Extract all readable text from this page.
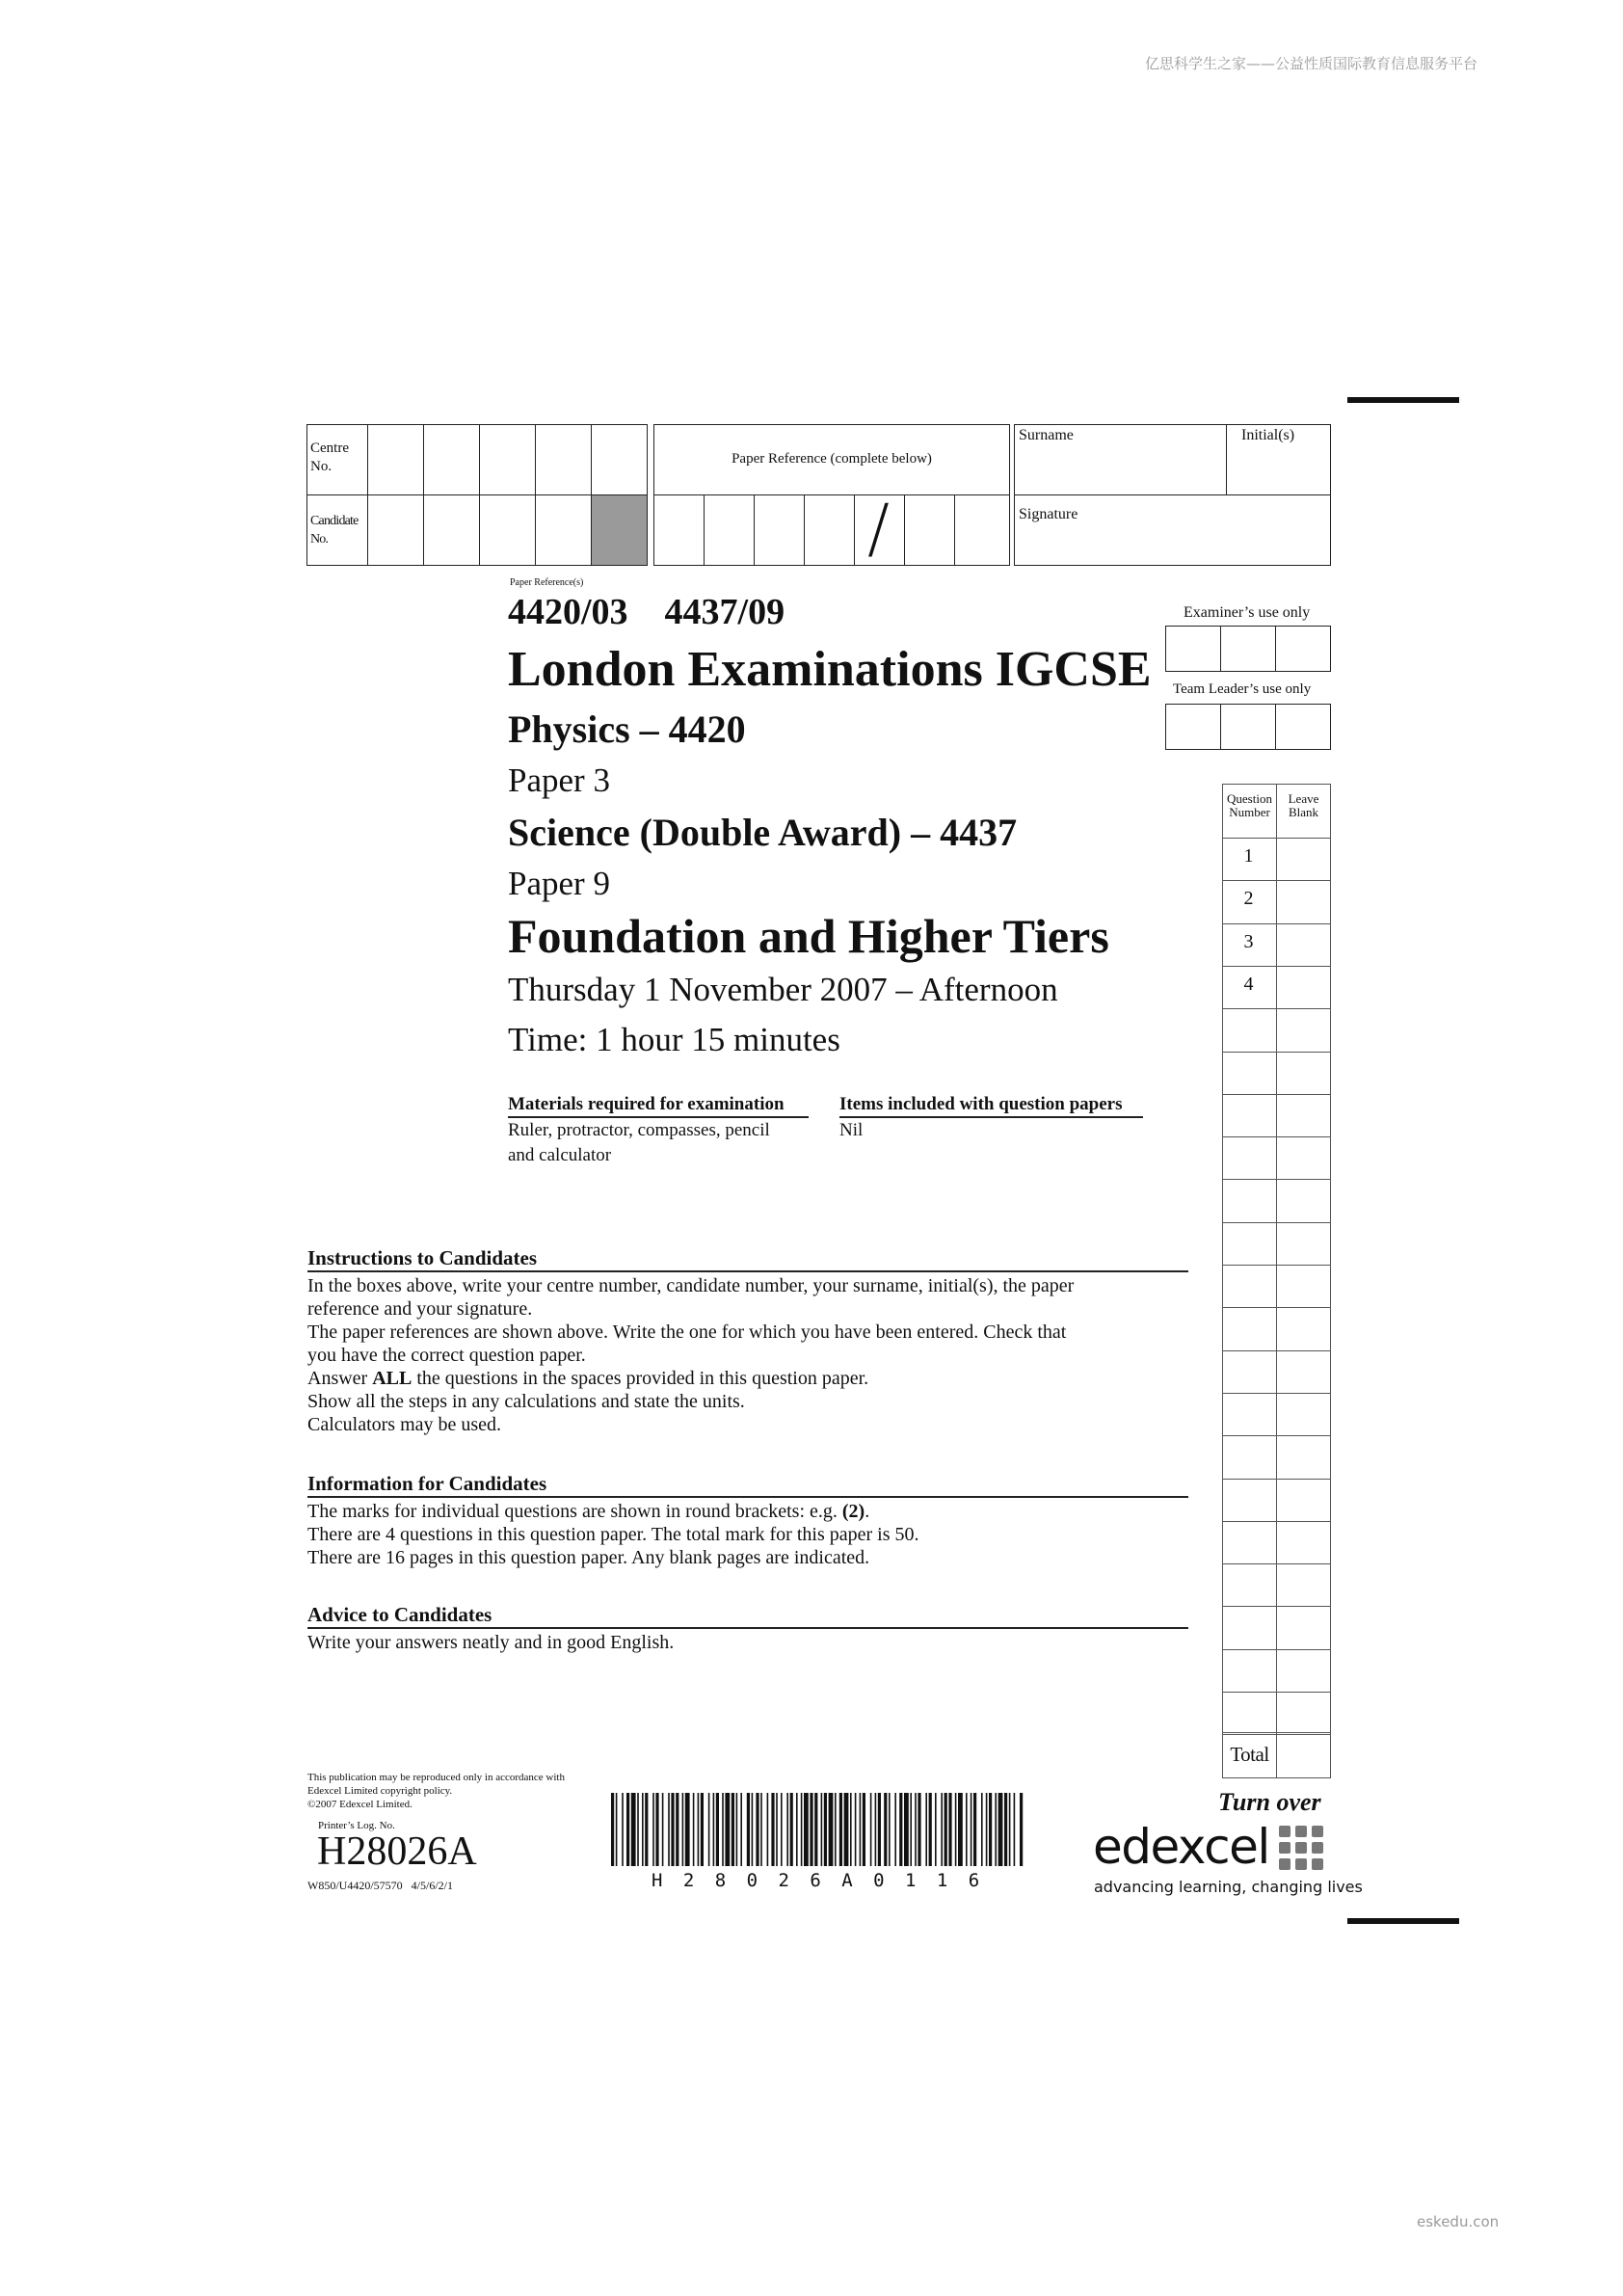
亿思科学生之家——公益性质国际教育信息服务平台
eskedu.con
Centre No.
Candidate No.
Paper Reference (complete below)
/
Surname	Initial(s)
Signature
Paper Reference(s)
4420/03    4437/09
London Examinations IGCSE
Physics – 4420
Paper 3
Science (Double Award) – 4437
Paper 9
Foundation and Higher Tiers
Thursday 1 November 2007 – Afternoon
Time: 1 hour 15 minutes
Materials required for examination
Ruler, protractor, compasses, pencil
and calculator
Items included with question papers
Nil
Examiner’s use only
Team Leader’s use only
Question Number
Leave Blank
1
2
3
4
Total
Instructions to Candidates
In the boxes above, write your centre number, candidate number, your surname, initial(s), the paper
reference and your signature.
The paper references are shown above. Write the one for which you have been entered. Check that
you have the correct question paper.
Answer ALL the questions in the spaces provided in this question paper.
Show all the steps in any calculations and state the units.
Calculators may be used.
Information for Candidates
The marks for individual questions are shown in round brackets: e.g. (2).
There are 4 questions in this question paper. The total mark for this paper is 50.
There are 16 pages in this question paper. Any blank pages are indicated.
Advice to Candidates
Write your answers neatly and in good English.
This publication may be reproduced only in accordance with
Edexcel Limited copyright policy.
©2007 Edexcel Limited.
Printer’s Log. No.
H28026A
W850/U4420/57570   4/5/6/2/1	H 2 8 0 2 6 A 0 1 1 6
Turn over
edexcel
advancing learning, changing lives
